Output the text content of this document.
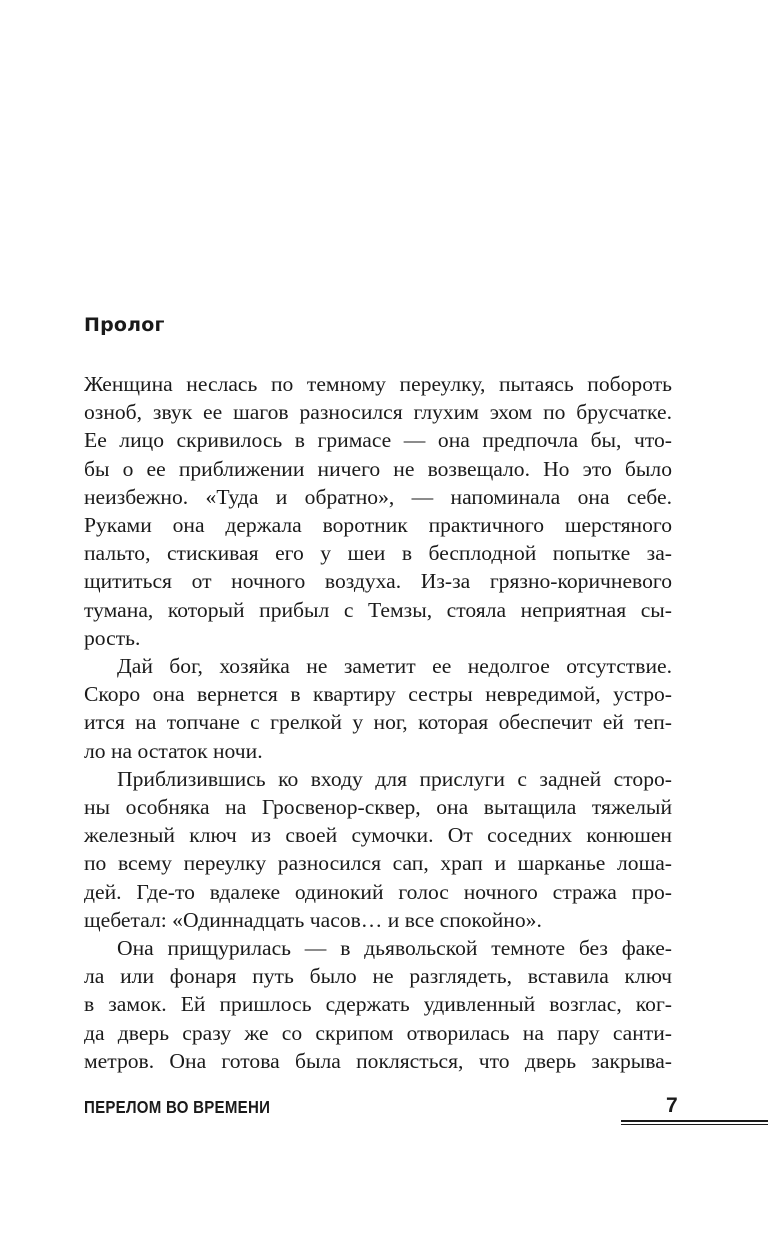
Пролог
Женщина неслась по темному переулку, пытаясь побороть
озноб, звук ее шагов разносился глухим эхом по брусчатке.
Ее лицо скривилось в гримасе — она предпочла бы, что-
бы о ее приближении ничего не возвещало. Но это было
неизбежно. «Туда и обратно», — напоминала она себе.
Руками она держала воротник практичного шерстяного
пальто, стискивая его у шеи в бесплодной попытке за-
щититься от ночного воздуха. Из-за грязно-коричневого
тумана, который прибыл с Темзы, стояла неприятная сы-
рость.
Дай бог, хозяйка не заметит ее недолгое отсутствие.
Скоро она вернется в квартиру сестры невредимой, устро-
ится на топчане с грелкой у ног, которая обеспечит ей теп-
ло на остаток ночи.
Приблизившись ко входу для прислуги с задней сторо-
ны особняка на Гросвенор-сквер, она вытащила тяжелый
железный ключ из своей сумочки. От соседних конюшен
по всему переулку разносился сап, храп и шарканье лоша-
дей. Где-то вдалеке одинокий голос ночного стража про-
щебетал: «Одиннадцать часов… и все спокойно».
Она прищурилась — в дьявольской темноте без факе-
ла или фонаря путь было не разглядеть, вставила ключ
в замок. Ей пришлось сдержать удивленный возглас, ког-
да дверь сразу же со скрипом отворилась на пару санти-
метров. Она готова была поклясться, что дверь закрыва-
ПЕРЕЛОМ ВО ВРЕМЕНИ	7
